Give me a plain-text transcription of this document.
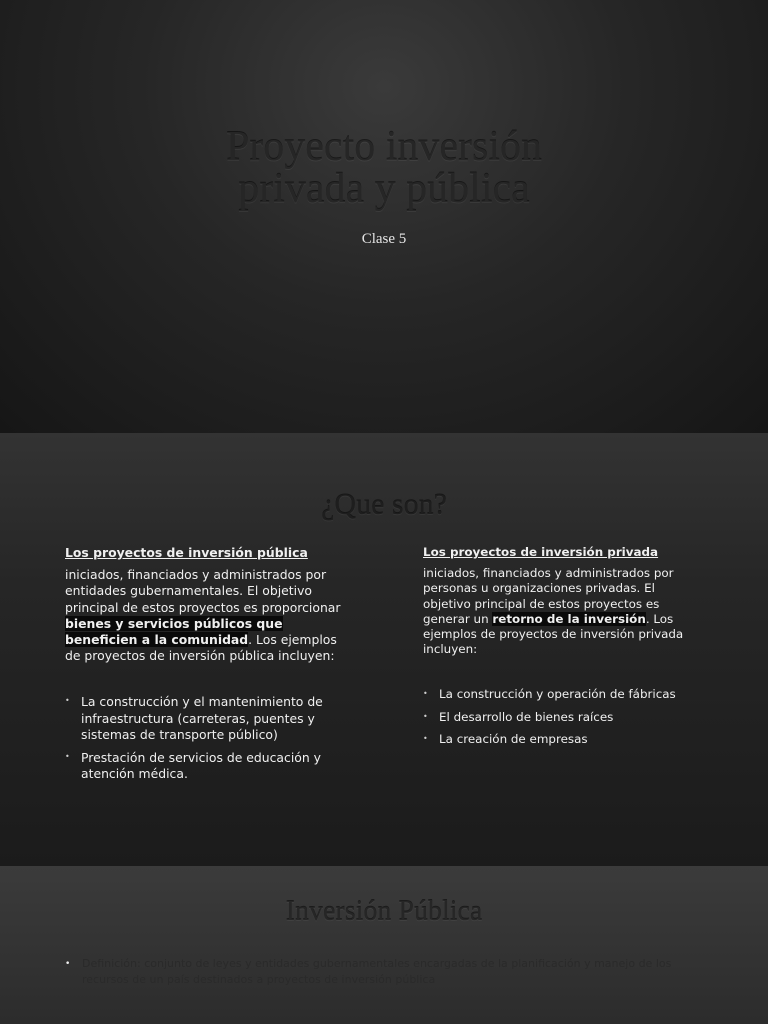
Proyecto inversión
privada y pública
Clase 5
¿Que son?
Los proyectos de inversión pública

iniciados, financiados y administrados por entidades gubernamentales. El objetivo principal de estos proyectos es proporcionar bienes y servicios públicos que beneficien a la comunidad. Los ejemplos de proyectos de inversión pública incluyen:

• La construcción y el mantenimiento de infraestructura (carreteras, puentes y sistemas de transporte público)
• Prestación de servicios de educación y atención médica.
Los proyectos de inversión privada

iniciados, financiados y administrados por personas u organizaciones privadas. El objetivo principal de estos proyectos es generar un retorno de la inversión. Los ejemplos de proyectos de inversión privada incluyen:

• La construcción y operación de fábricas
• El desarrollo de bienes raíces
• La creación de empresas
Inversión Pública
•	Definición: conjunto de leyes y entidades gubernamentales encargadas de la planificación y manejo de los recursos de un país destinados a proyectos de inversión pública
